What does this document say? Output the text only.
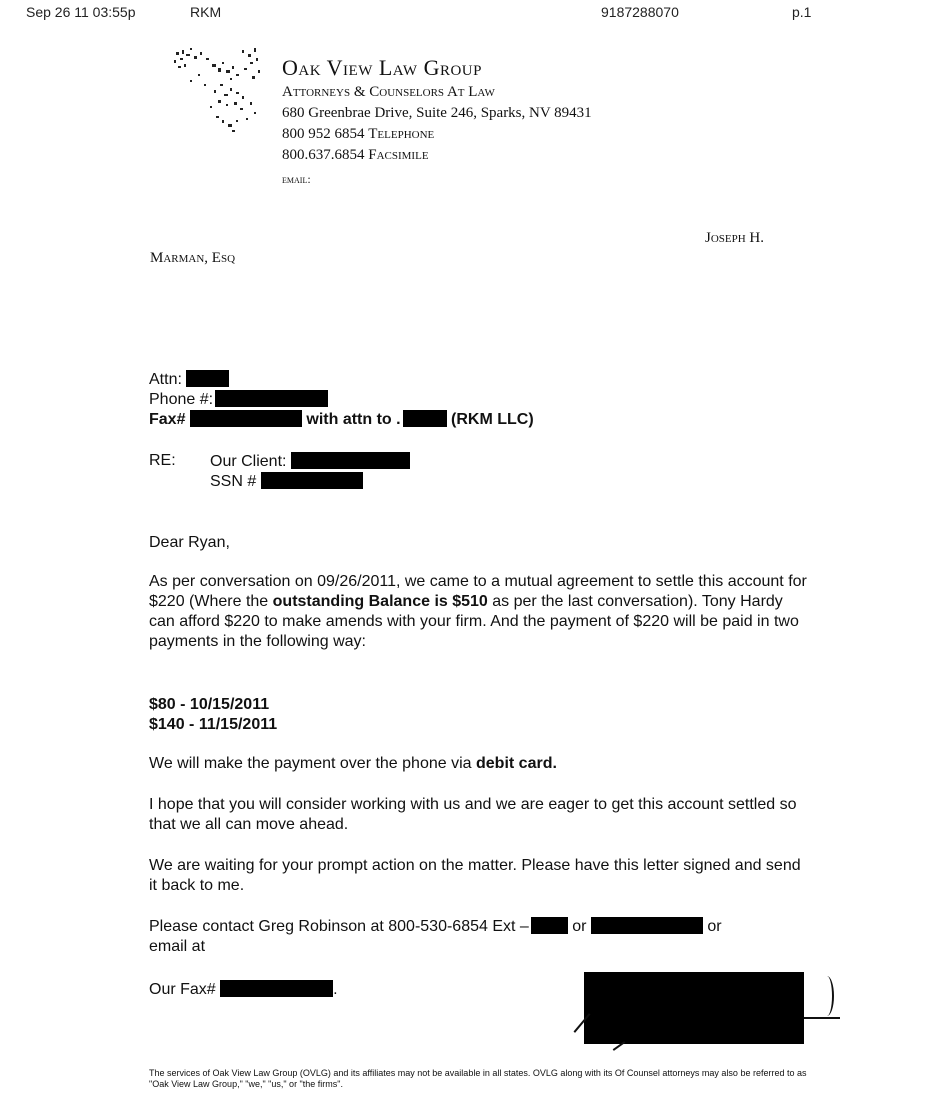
Sep 26 11 03:55p	RKM	9187288070	p.1
Oak View Law Group
Attorneys & Counselors At Law
680 Greenbrae Drive, Suite 246, Sparks, NV 89431
800 952 6854 Telephone
800.637.6854 Facsimile
email:
Joseph H.
Marman, Esq
Attn:
Phone #:
Fax#	with attn to .	(RKM LLC)
RE: Our Client:
SSN #
Dear Ryan,
As per conversation on 09/26/2011, we came to a mutual agreement to settle this account for $220 (Where the outstanding Balance is $510 as per the last conversation). Tony Hardy can afford $220 to make amends with your firm. And the payment of $220 will be paid in two payments in the following way:
$80 - 10/15/2011
$140 - 11/15/2011
We will make the payment over the phone via debit card.
I hope that you will consider working with us and we are eager to get this account settled so that we all can move ahead.
We are waiting for your prompt action on the matter. Please have this letter signed and send it back to me.
Please contact Greg Robinson at 800-530-6854 Ext –	or	or
email at
Our Fax#	.
The services of Oak View Law Group (OVLG) and its affiliates may not be available in all states. OVLG along with its Of Counsel attorneys may also be referred to as "Oak View Law Group," "we," "us," or "the firms".
